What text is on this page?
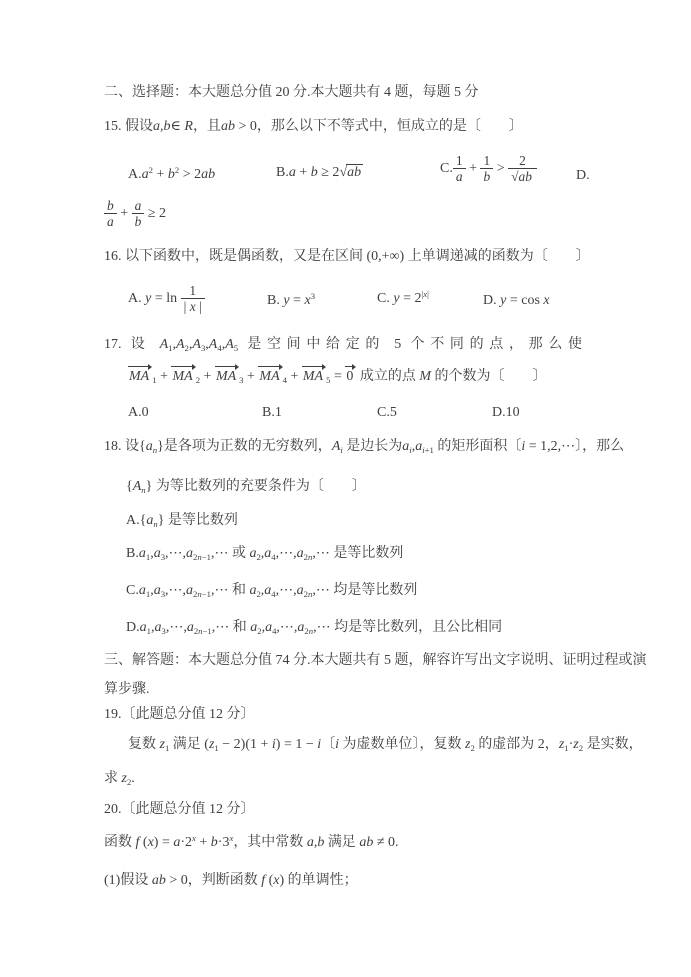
二、选择题：本大题总分值 20 分.本大题共有 4 题，每题 5 分
15. 假设a,b∈ R，且ab > 0，那么以下不等式中，恒成立的是〔　　〕
$A.a^2 + b^2 > 2ab$	B.a + b ≥ 2√ab	C. $\frac{1}{a} + \frac{1}{b} > \frac{2}{√ab}$	D.
$\frac{b}{a} + \frac{a}{b} \ge 2$
16. 以下函数中，既是偶函数，又是在区间 (0,+∞) 上单调递减的函数为〔　　〕
A. $y = \ln \frac{1}{| x |}$	B. $y = x^3$	C. $y = 2^{|x|}$	D. y = cos x
17. 设 $A_1,A_2,A_3,A_4,A_5$ 是空间中给定的 5 个不同的点，那么使
MA $_1$ + MA $_2$ + MA $_3$ + MA $_4$ + MA $_5$ = 0 成立的点 M 的个数为〔　　〕
A.0	B.1	C.5	D.10
18. 设$\{a_n\}$是各项为正数的无穷数列，$A_i$ 是边长为$a_i,a_{i+1}$ 的矩形面积〔i = 1,2,⋯〕，那么
$\{A_n\}$ 为等比数列的充要条件为〔　　〕
$A.\{a_n\}$ 是等比数列
$B.a_1,a_3,\cdots,a_{2n-1},\cdots$ 或 $a_2,a_4,\cdots,a_{2n},\cdots$ 是等比数列
$C.a_1,a_3,\cdots,a_{2n-1},\cdots$ 和 $a_2,a_4,\cdots,a_{2n},\cdots$ 均是等比数列
$D.a_1,a_3,\cdots,a_{2n-1},\cdots$ 和 $a_2,a_4,\cdots,a_{2n},\cdots$ 均是等比数列，且公比相同
三、解答题：本大题总分值 74 分.本大题共有 5 题，解容许写出文字说明、证明过程或演
算步骤.
19.〔此题总分值 12 分〕
复数 $z_1$ 满足 $(z_1 - 2)(1 + i) = 1 - i$〔i 为虚数单位〕，复数 $z_2$ 的虚部为 2，$z_1\cdot z_2$ 是实数，
求 $z_2$.
20.〔此题总分值 12 分〕
函数 f $(x) = a\cdot 2^x + b\cdot 3^x$，其中常数 a,b 满足 ab ≠ 0.
(1)假设 ab > 0，判断函数 f (x) 的单调性；
